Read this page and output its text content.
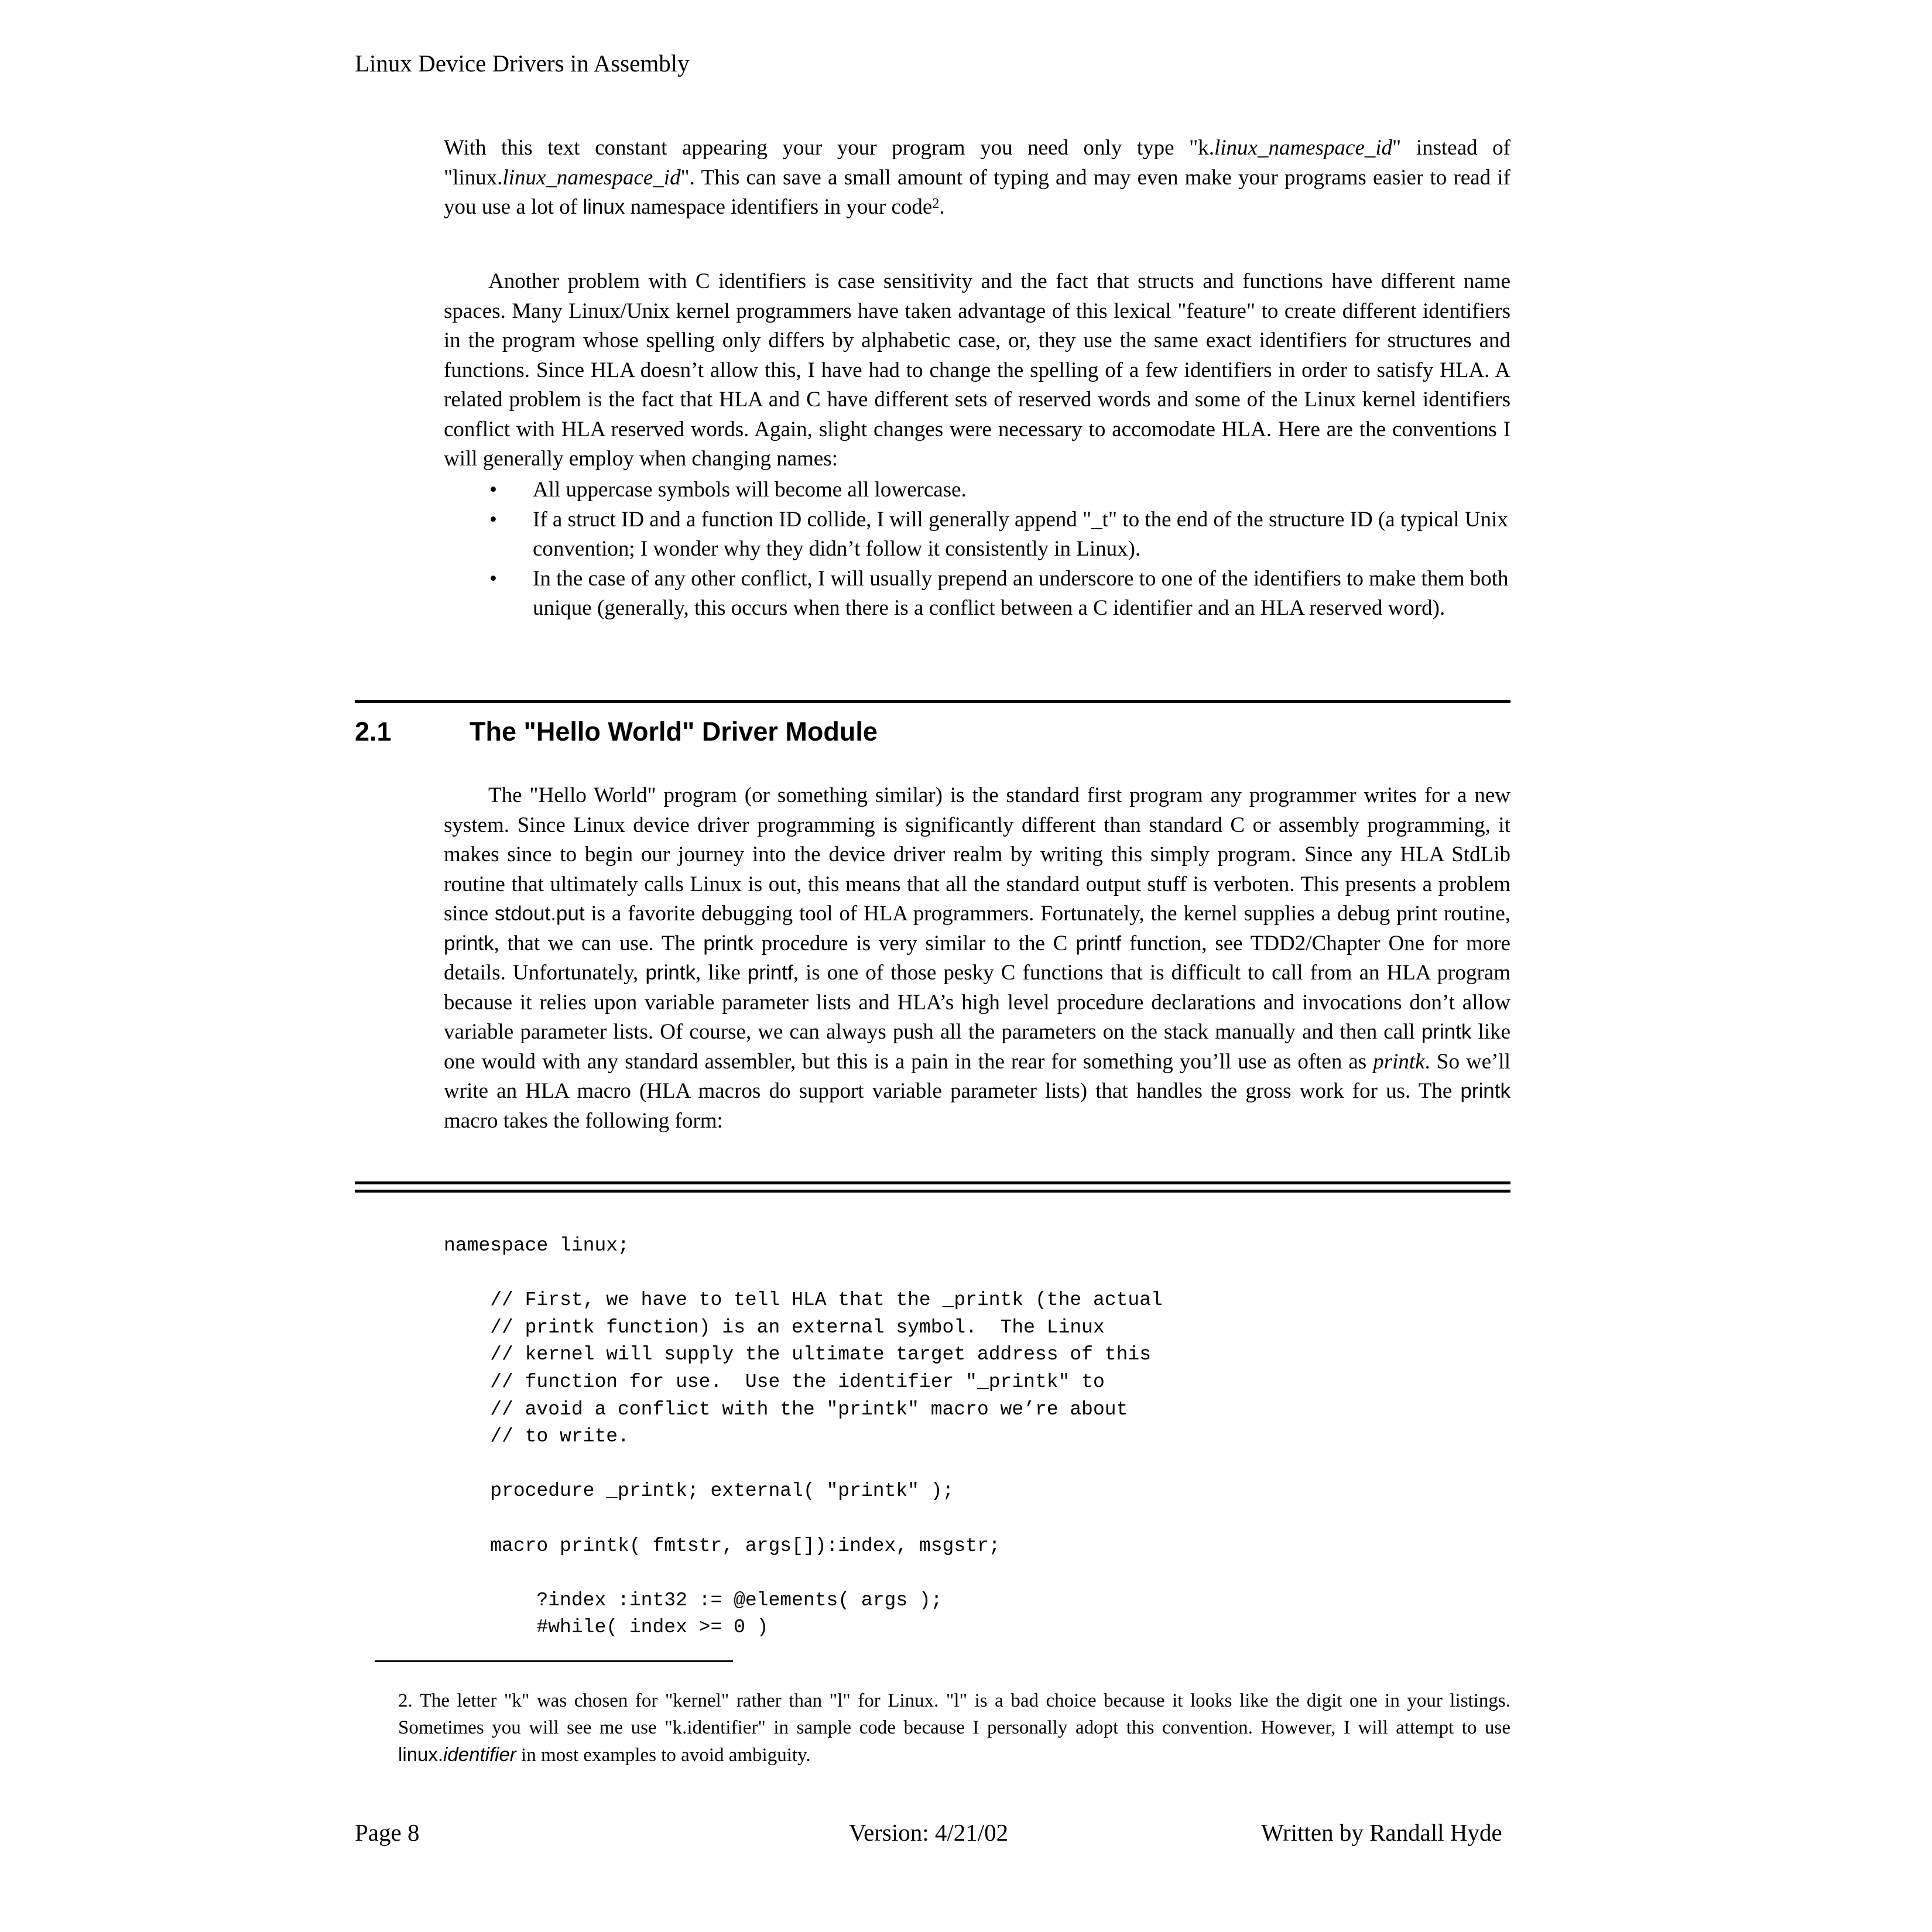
Linux Device Drivers in Assembly

With this text constant appearing your your program you need only type "k.linux_namespace_id" instead of "linux.linux_namespace_id". This can save a small amount of typing and may even make your programs easier to read if you use a lot of linux namespace identifiers in your code$^2$.

Another problem with C identifiers is case sensitivity and the fact that structs and functions have different name spaces. Many Linux/Unix kernel programmers have taken advantage of this lexical "feature" to create different identifiers in the program whose spelling only differs by alphabetic case, or, they use the same exact identifiers for structures and functions. Since HLA doesn’t allow this, I have had to change the spelling of a few identifiers in order to satisfy HLA. A related problem is the fact that HLA and C have different sets of reserved words and some of the Linux kernel identifiers conflict with HLA reserved words. Again, slight changes were necessary to accomodate HLA. Here are the conventions I will generally employ when changing names:

• All uppercase symbols will become all lowercase.
• If a struct ID and a function ID collide, I will generally append "_t" to the end of the structure ID (a typical Unix convention; I wonder why they didn’t follow it consistently in Linux).
• In the case of any other conflict, I will usually prepend an underscore to one of the identifiers to make them both unique (generally, this occurs when there is a conflict between a C identifier and an HLA reserved word).
2.1	The "Hello World" Driver Module

The "Hello World" program (or something similar) is the standard first program any programmer writes for a new system. Since Linux device driver programming is significantly different than standard C or assembly programming, it makes since to begin our journey into the device driver realm by writing this simply program. Since any HLA StdLib routine that ultimately calls Linux is out, this means that all the standard output stuff is verboten. This presents a problem since stdout.put is a favorite debugging tool of HLA programmers. Fortunately, the kernel supplies a debug print routine, printk, that we can use. The printk procedure is very similar to the C printf function, see TDD2/Chapter One for more details. Unfortunately, printk, like printf, is one of those pesky C functions that is difficult to call from an HLA program because it relies upon variable parameter lists and HLA’s high level procedure declarations and invocations don’t allow variable parameter lists. Of course, we can always push all the parameters on the stack manually and then call printk like one would with any standard assembler, but this is a pain in the rear for something you’ll use as often as printk. So we’ll write an HLA macro (HLA macros do support variable parameter lists) that handles the gross work for us. The printk macro takes the following form:

namespace linux;

// First, we have to tell HLA that the _printk (the actual
// printk function) is an external symbol.  The Linux
// kernel will supply the ultimate target address of this
// function for use.  Use the identifier "_printk" to
// avoid a conflict with the "printk" macro we’re about
// to write.

procedure _printk; external( "printk" );

macro printk( fmtstr, args[]):index, msgstr;

?index :int32 := @elements( args );
#while( index >= 0 )
2. The letter "k" was chosen for "kernel" rather than "l" for Linux. "l" is a bad choice because it looks like the digit one in your listings. Sometimes you will see me use "k.identifier" in sample code because I personally adopt this convention. However, I will attempt to use linux.identifier in most examples to avoid ambiguity.
Page 8	Version: 4/21/02	Written by Randall Hyde
